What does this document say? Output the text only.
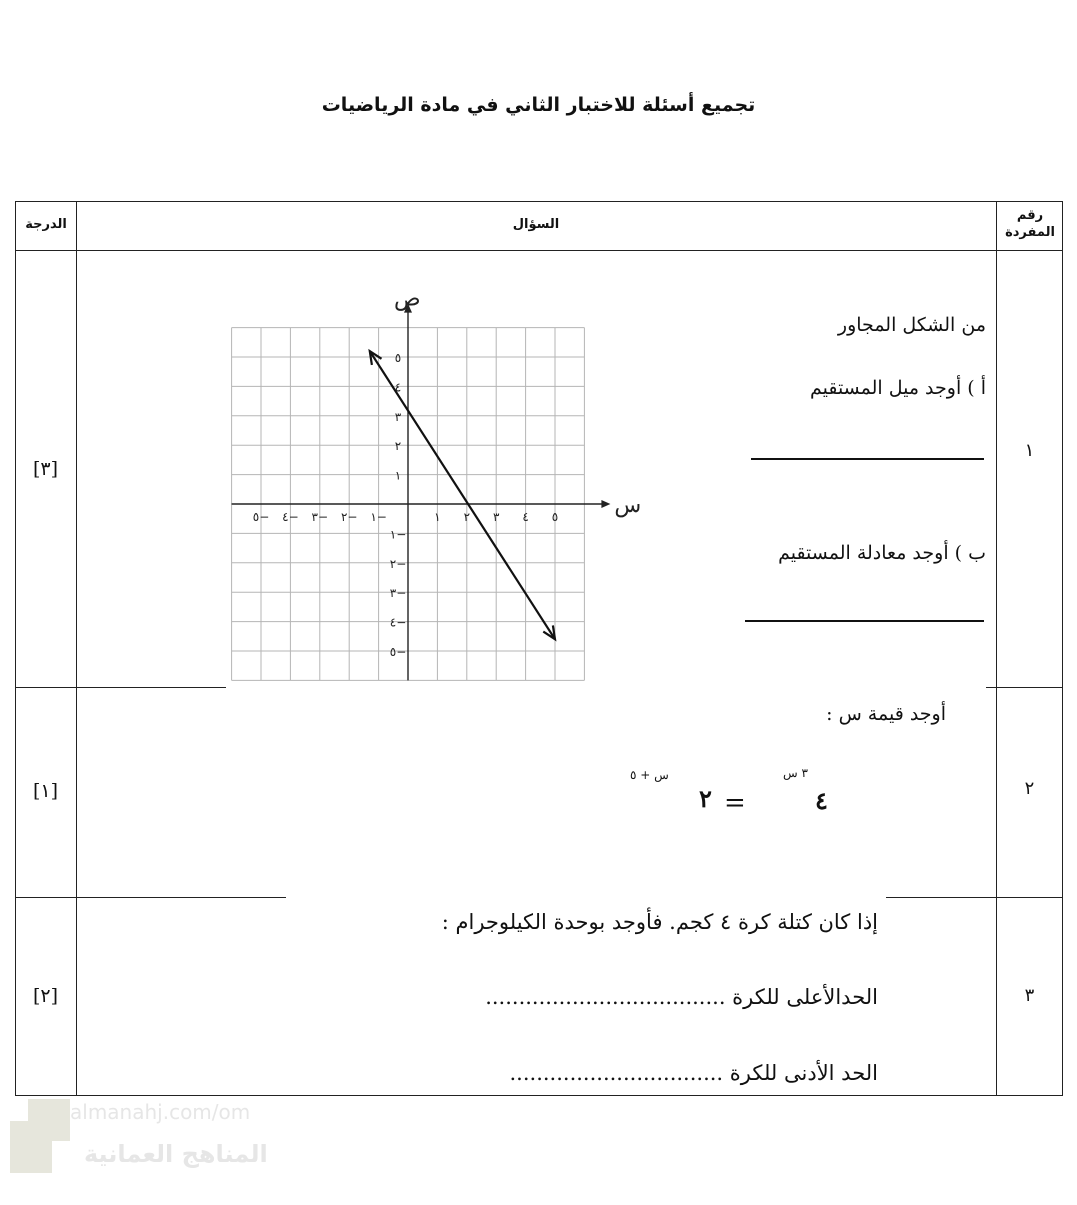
تجميع أسئلة للاختبار الثاني في مادة الرياضيات
الدرجة	السؤال
رقم
المفردة
١
[٣]
من الشكل المجاور
أ ) أوجد ميل المستقيم
ب ) أوجد معادلة المستقيم
س
ص
٥− ٤− ٣− ٢− ١−	١ ٢ ٣ ٤ ٥
٥
٤
٣
٢
١
١−
٢−
٣−
٤−
٥−
٢
[١]
أوجد قيمة س :
س + ٥
٢ =
٣ س
٤
٣
[٢]
إذا كان كتلة كرة ٤ كجم. فأوجد بوحدة الكيلوجرام :
الحدالأعلى للكرة ....................................
الحد الأدنى للكرة ................................
almanahj.com/om
المناهج العمانية
